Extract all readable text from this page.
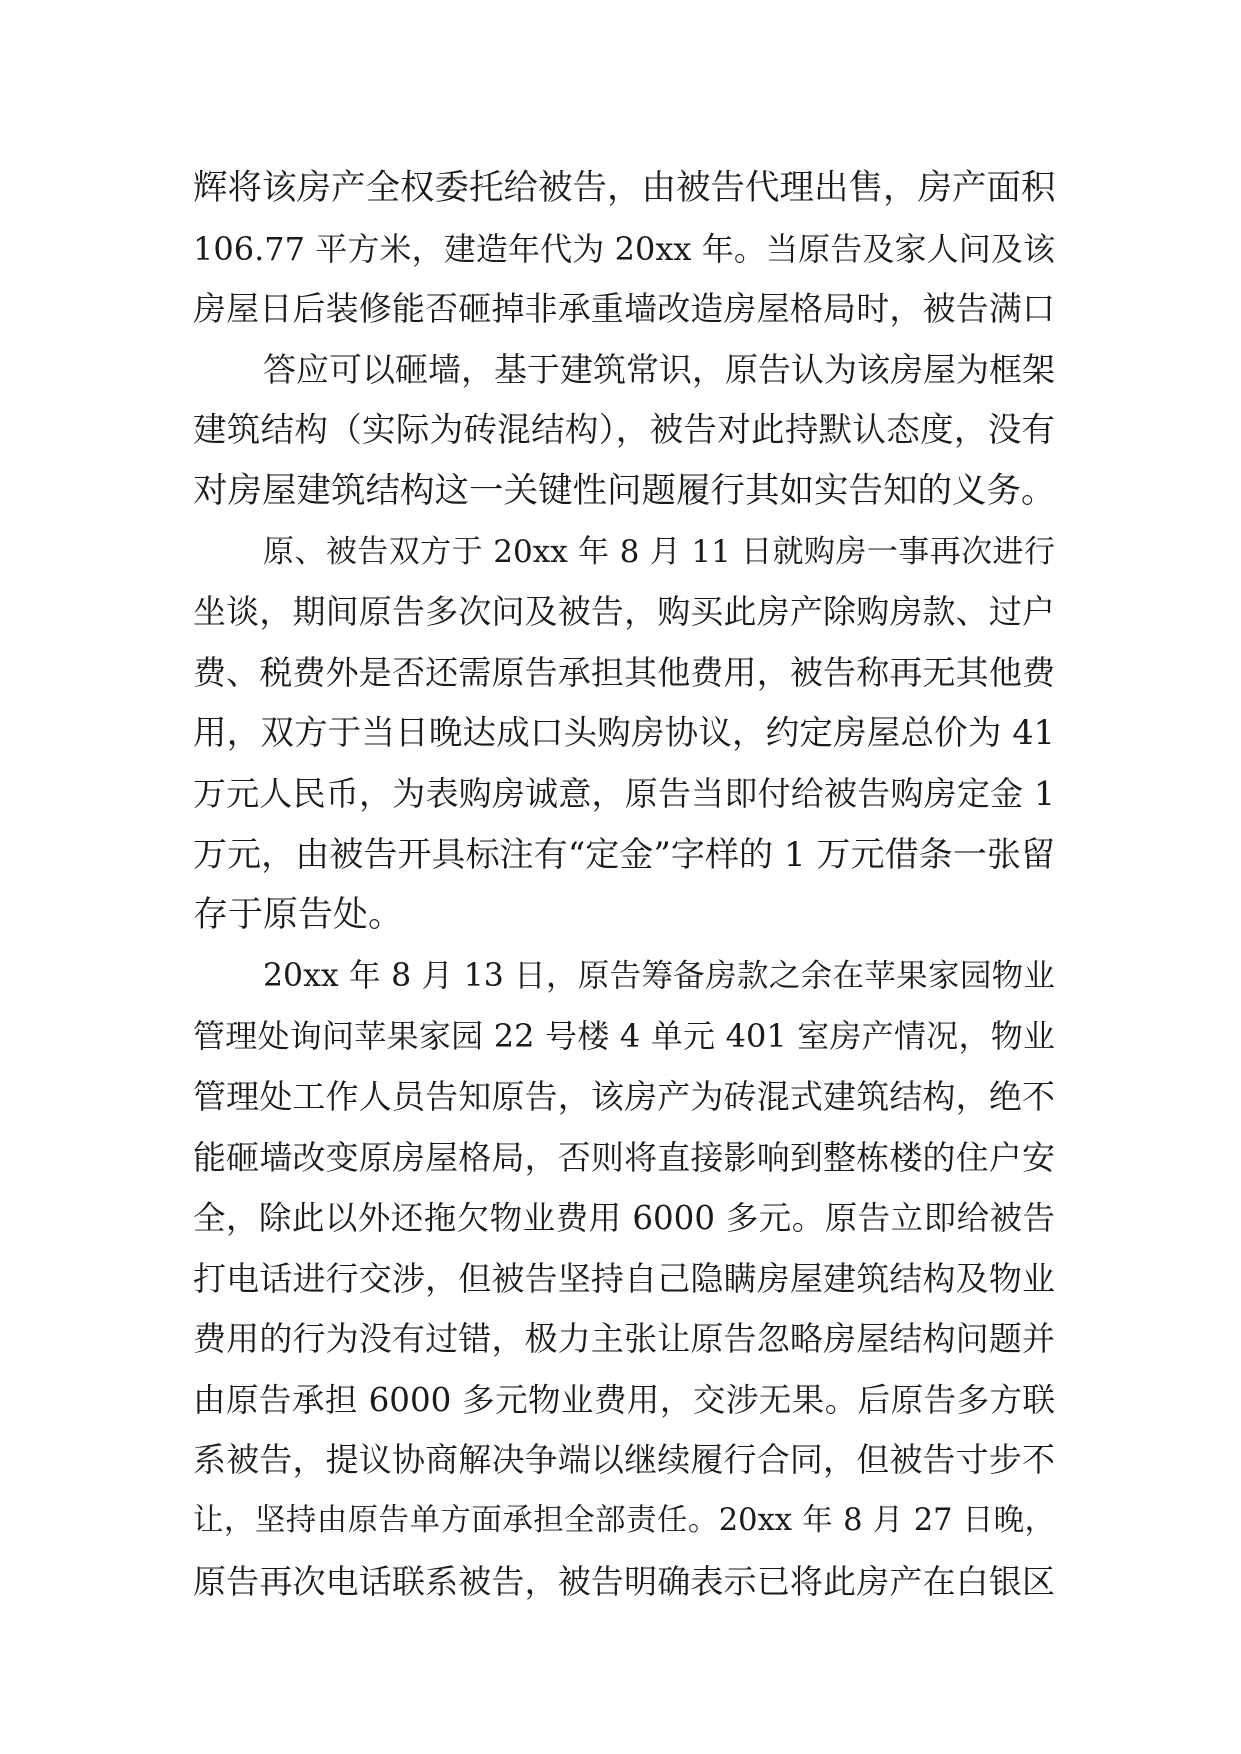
辉将该房产全权委托给被告，由被告代理出售，房产面积
106.77 平方米，建造年代为 20xx 年。当原告及家人问及该
房屋日后装修能否砸掉非承重墙改造房屋格局时，被告满口
答应可以砸墙，基于建筑常识，原告认为该房屋为框架
建筑结构（实际为砖混结构），被告对此持默认态度，没有
对房屋建筑结构这一关键性问题履行其如实告知的义务。
原、被告双方于 20xx 年 8 月 11 日就购房一事再次进行
坐谈，期间原告多次问及被告，购买此房产除购房款、过户
费、税费外是否还需原告承担其他费用，被告称再无其他费
用，双方于当日晚达成口头购房协议，约定房屋总价为 41
万元人民币，为表购房诚意，原告当即付给被告购房定金 1
万元，由被告开具标注有“定金”字样的 1 万元借条一张留
存于原告处。
20xx 年 8 月 13 日，原告筹备房款之余在苹果家园物业
管理处询问苹果家园 22 号楼 4 单元 401 室房产情况，物业
管理处工作人员告知原告，该房产为砖混式建筑结构，绝不
能砸墙改变原房屋格局，否则将直接影响到整栋楼的住户安
全，除此以外还拖欠物业费用 6000 多元。原告立即给被告
打电话进行交涉，但被告坚持自己隐瞒房屋建筑结构及物业
费用的行为没有过错，极力主张让原告忽略房屋结构问题并
由原告承担 6000 多元物业费用，交涉无果。后原告多方联
系被告，提议协商解决争端以继续履行合同，但被告寸步不
让，坚持由原告单方面承担全部责任。20xx 年 8 月 27 日晚，
原告再次电话联系被告，被告明确表示已将此房产在白银区
